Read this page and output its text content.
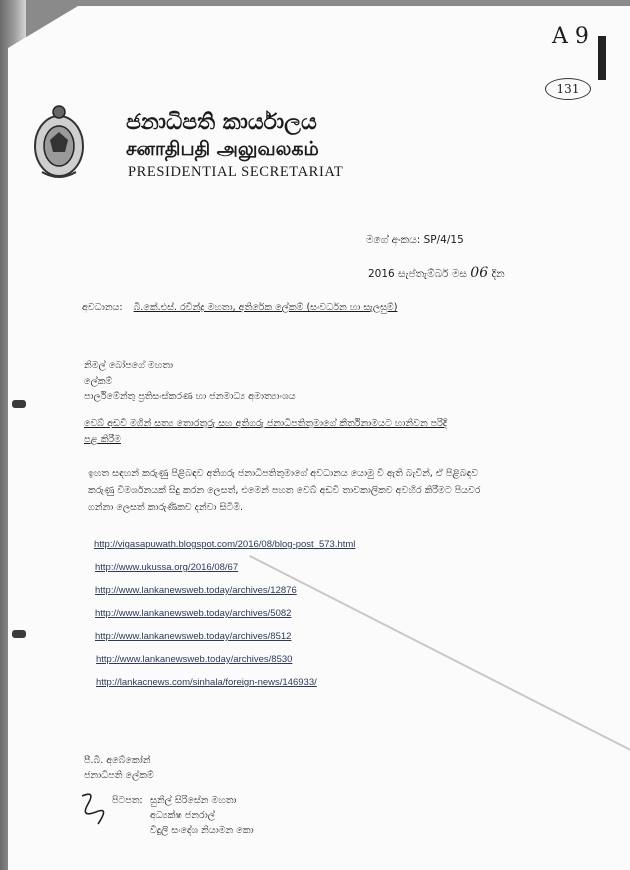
A 9
131
ජනාධිපති කාර්යාලය
சனாதிபதி அலுவலகம்
PRESIDENTIAL SECRETARIAT
මගේ අංකය: SP/4/15
2016 සැප්තැම්බර් මස 06 දින
අවධානය: බී.කේ.එස්. රවීන්ද්‍ර මහතා, අතිරේක ලේකම් (සංවර්ධන හා සැලසුම්)
නිමල් බෝපගේ මහතා
ලේකම්
පාර්ලිමේන්තු ප්‍රතිසංස්කරණ හා ජනමාධ්‍ය අමාත්‍යාංශය
වෙබ් අඩවි මගින් සත්‍ය තොරතුරු සහ අතිගරු ජනාධිපතිතුමාගේ කීර්තිනාමයට හානිවන පරිදි
පළ කිරීම
ඉහත සඳහන් කරුණු පිළිබඳව අතිගරු ජනාධිපතිතුමාගේ අවධානය යොමු වී ඇති බැවින්, ඒ පිළිබඳව
කරුණු විමර්ශනයක් සිදු කරන ලෙසත්, එමෙන් පහත වෙබ් අඩවි තාවකාලිකව අවහිර කිරීමට පියවර
ගන්නා ලෙසත් කාරුණිකව දන්වා සිටිමි.
http://vigasapuwath.blogspot.com/2016/08/blog-post_573.html
http://www.ukussa.org/2016/08/67
http://www.lankanewsweb.today/archives/12876
http://www.lankanewsweb.today/archives/5082
http://www.lankanewsweb.today/archives/8512
http://www.lankanewsweb.today/archives/8530
http://lankacnews.com/sinhala/foreign-news/146933/
පී.බී. අබේකෝන්
ජනාධිපති ලේකම්
පිටපත: සුනිල් සිරිසේන මහතා
අධ්‍යක්ෂ ජනරාල්
විදුලි සංදේශ නියාමන කො
